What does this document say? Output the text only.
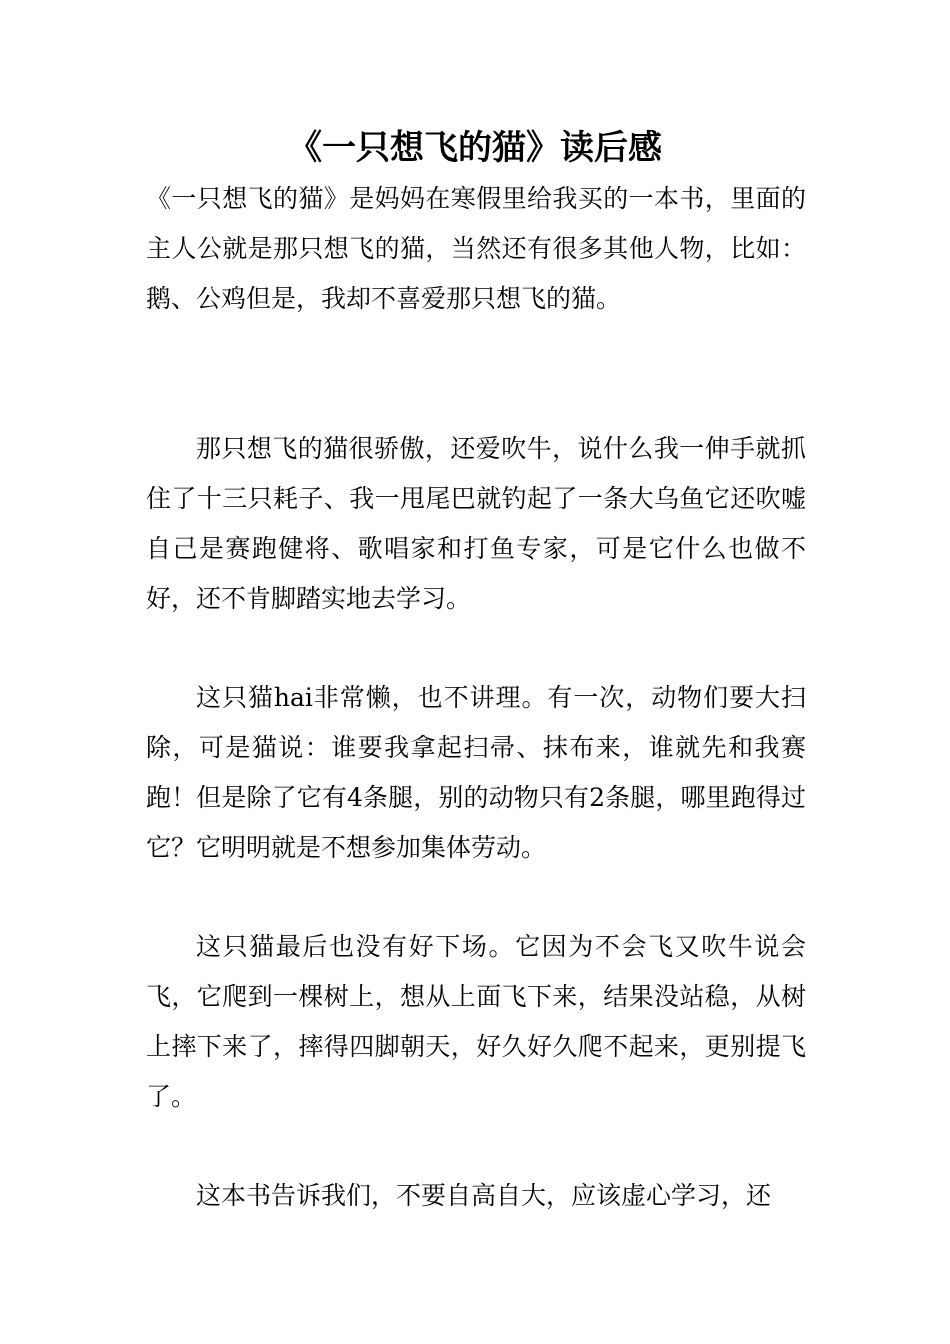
《一只想飞的猫》读后感

《一只想飞的猫》是妈妈在寒假里给我买的一本书，里面的主人公就是那只想飞的猫，当然还有很多其他人物，比如：鹅、公鸡但是，我却不喜爱那只想飞的猫。

那只想飞的猫很骄傲，还爱吹牛，说什么我一伸手就抓住了十三只耗子、我一甩尾巴就钓起了一条大乌鱼它还吹嘘自己是赛跑健将、歌唱家和打鱼专家，可是它什么也做不好，还不肯脚踏实地去学习。

这只猫hai非常懒，也不讲理。有一次，动物们要大扫除，可是猫说：谁要我拿起扫帚、抹布来，谁就先和我赛跑！但是除了它有4条腿，别的动物只有2条腿，哪里跑得过它？它明明就是不想参加集体劳动。

这只猫最后也没有好下场。它因为不会飞又吹牛说会飞，它爬到一棵树上，想从上面飞下来，结果没站稳，从树上摔下来了，摔得四脚朝天，好久好久爬不起来，更别提飞了。

这本书告诉我们，不要自高自大，应该虚心学习，还
